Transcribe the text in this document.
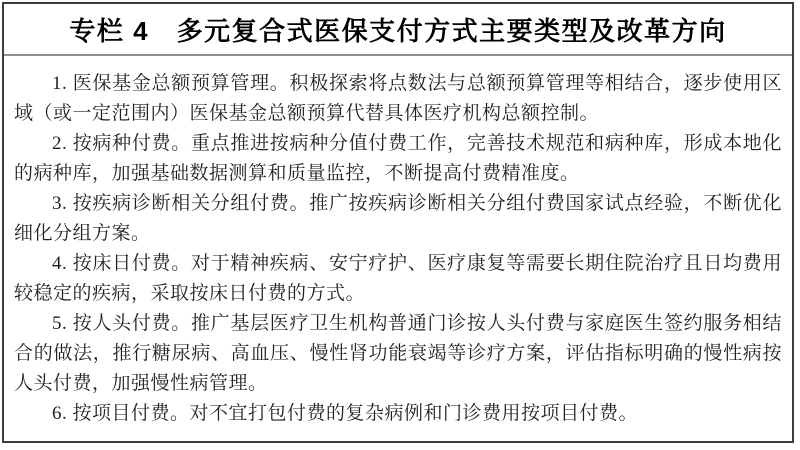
专栏 4　多元复合式医保支付方式主要类型及改革方向

1. 医保基金总额预算管理。积极探索将点数法与总额预算管理等相结合，逐步使用区域（或一定范围内）医保基金总额预算代替具体医疗机构总额控制。

2. 按病种付费。重点推进按病种分值付费工作，完善技术规范和病种库，形成本地化的病种库，加强基础数据测算和质量监控，不断提高付费精准度。

3. 按疾病诊断相关分组付费。推广按疾病诊断相关分组付费国家试点经验，不断优化细化分组方案。

4. 按床日付费。对于精神疾病、安宁疗护、医疗康复等需要长期住院治疗且日均费用较稳定的疾病，采取按床日付费的方式。

5. 按人头付费。推广基层医疗卫生机构普通门诊按人头付费与家庭医生签约服务相结合的做法，推行糖尿病、高血压、慢性肾功能衰竭等诊疗方案，评估指标明确的慢性病按人头付费，加强慢性病管理。

6. 按项目付费。对不宜打包付费的复杂病例和门诊费用按项目付费。
